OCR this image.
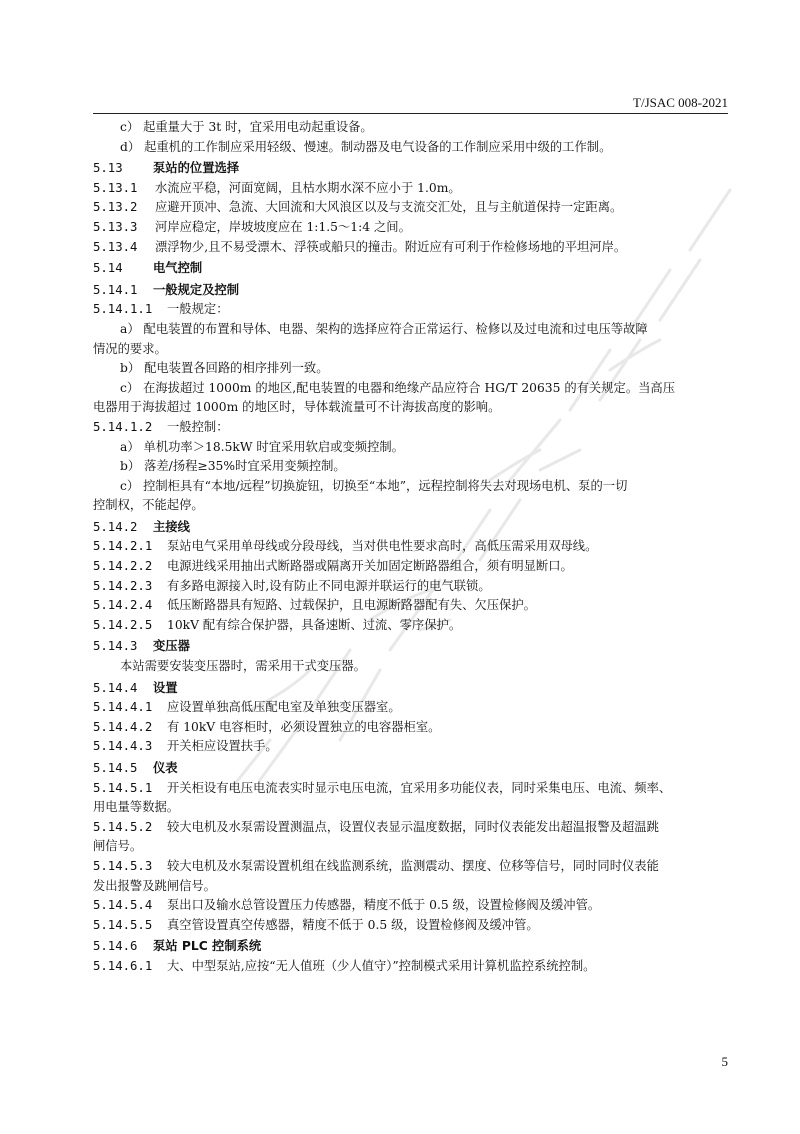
T/JSAC 008-2021
c） 起重量大于 3t 时，宜采用电动起重设备。
d） 起重机的工作制应采用轻级、慢速。制动器及电气设备的工作制应采用中级的工作制。
5.13 泵站的位置选择
5.13.1 水流应平稳，河面宽阔，且枯水期水深不应小于 1.0m。
5.13.2 应避开顶冲、急流、大回流和大风浪区以及与支流交汇处，且与主航道保持一定距离。
5.13.3 河岸应稳定，岸坡坡度应在 1:1.5～1:4 之间。
5.13.4 漂浮物少,且不易受漂木、浮筷或船只的撞击。附近应有可利于作检修场地的平坦河岸。
5.14 电气控制
5.14.1 一般规定及控制
5.14.1.1 一般规定：
a） 配电装置的布置和导体、电器、架构的选择应符合正常运行、检修以及过电流和过电压等故障
情况的要求。
b） 配电装置各回路的相序排列一致。
c） 在海拔超过 1000m 的地区,配电装置的电器和绝缘产品应符合 HG/T 20635 的有关规定。当高压
电器用于海拔超过 1000m 的地区时，导体载流量可不计海拔高度的影响。
5.14.1.2 一般控制：
a） 单机功率＞18.5kW 时宜采用软启或变频控制。
b） 落差/扬程≥35%时宜采用变频控制。
c） 控制柜具有“本地/远程”切换旋钮，切换至“本地”，远程控制将失去对现场电机、泵的一切
控制权，不能起停。
5.14.2 主接线
5.14.2.1 泵站电气采用单母线或分段母线，当对供电性要求高时，高低压需采用双母线。
5.14.2.2 电源进线采用抽出式断路器或隔离开关加固定断路器组合，须有明显断口。
5.14.2.3 有多路电源接入时,设有防止不同电源并联运行的电气联锁。
5.14.2.4 低压断路器具有短路、过载保护，且电源断路器配有失、欠压保护。
5.14.2.5 10kV 配有综合保护器，具备速断、过流、零序保护。
5.14.3 变压器
本站需要安装变压器时，需采用干式变压器。
5.14.4 设置
5.14.4.1 应设置单独高低压配电室及单独变压器室。
5.14.4.2 有 10kV 电容柜时，必须设置独立的电容器柜室。
5.14.4.3 开关柜应设置扶手。
5.14.5 仪表
5.14.5.1 开关柜设有电压电流表实时显示电压电流，宜采用多功能仪表，同时采集电压、电流、频率、
用电量等数据。
5.14.5.2 较大电机及水泵需设置测温点，设置仪表显示温度数据，同时仪表能发出超温报警及超温跳
闸信号。
5.14.5.3 较大电机及水泵需设置机组在线监测系统，监测震动、摆度、位移等信号，同时同时仪表能
发出报警及跳闸信号。
5.14.5.4 泵出口及输水总管设置压力传感器，精度不低于 0.5 级，设置检修阀及缓冲管。
5.14.5.5 真空管设置真空传感器，精度不低于 0.5 级，设置检修阀及缓冲管。
5.14.6 泵站 PLC 控制系统
5.14.6.1 大、中型泵站,应按“无人值班（少人值守）”控制模式采用计算机监控系统控制。
5
